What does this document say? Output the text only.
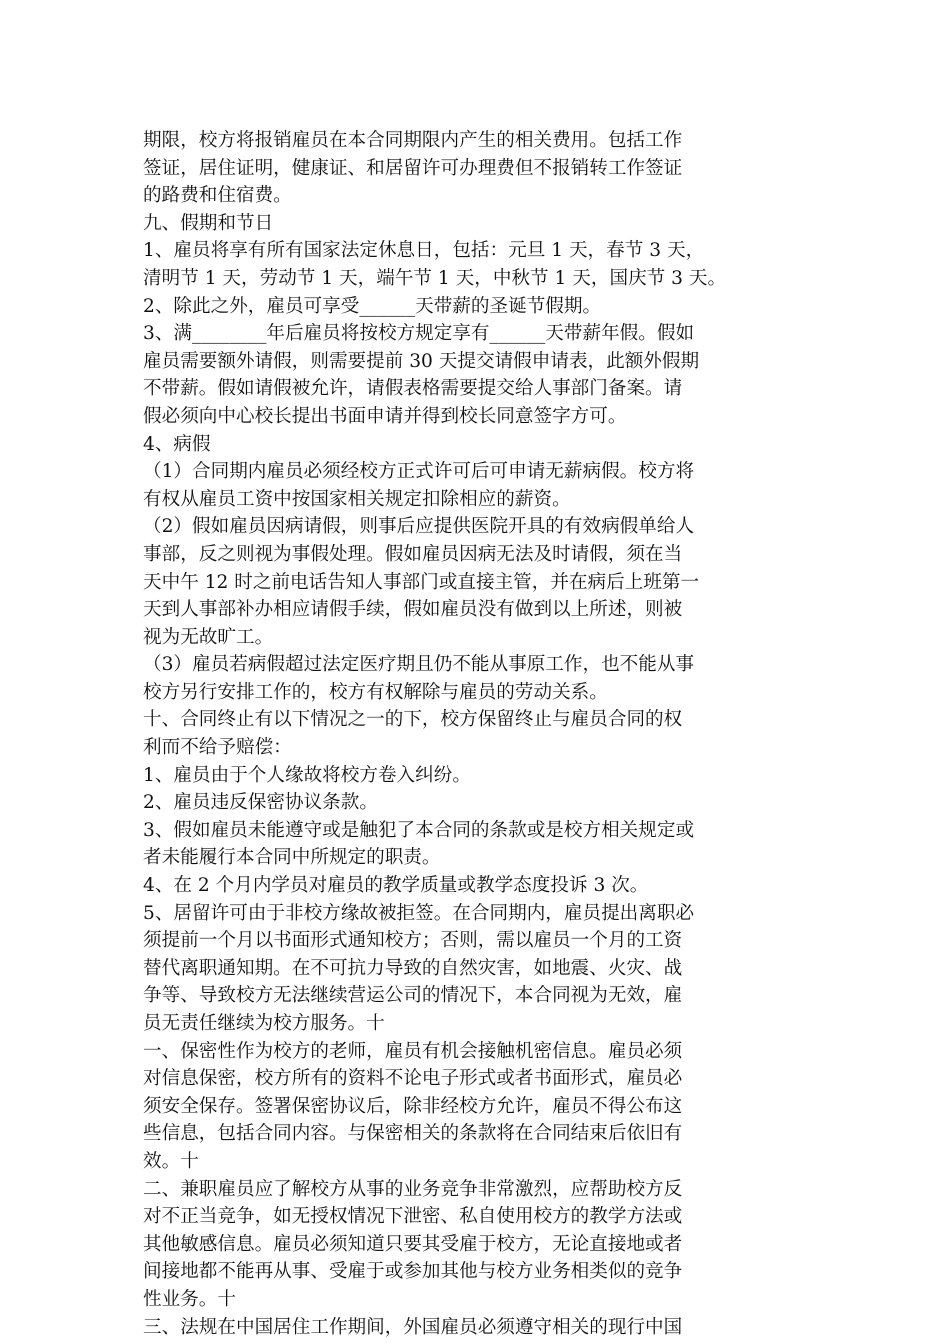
期限，校方将报销雇员在本合同期限内产生的相关费用。包括工作
签证，居住证明，健康证、和居留许可办理费但不报销转工作签证
的路费和住宿费。
九、假期和节日
1、雇员将享有所有国家法定休息日，包括：元旦 1 天，春节 3 天，
清明节 1 天，劳动节 1 天，端午节 1 天，中秋节 1 天，国庆节 3 天。
2、除此之外，雇员可享受______天带薪的圣诞节假期。
3、满________年后雇员将按校方规定享有______天带薪年假。假如
雇员需要额外请假，则需要提前 30 天提交请假申请表，此额外假期
不带薪。假如请假被允许，请假表格需要提交给人事部门备案。请
假必须向中心校长提出书面申请并得到校长同意签字方可。
4、病假
（1）合同期内雇员必须经校方正式许可后可申请无薪病假。校方将
有权从雇员工资中按国家相关规定扣除相应的薪资。
（2）假如雇员因病请假，则事后应提供医院开具的有效病假单给人
事部，反之则视为事假处理。假如雇员因病无法及时请假，须在当
天中午 12 时之前电话告知人事部门或直接主管，并在病后上班第一
天到人事部补办相应请假手续，假如雇员没有做到以上所述，则被
视为无故旷工。
（3）雇员若病假超过法定医疗期且仍不能从事原工作，也不能从事
校方另行安排工作的，校方有权解除与雇员的劳动关系。
十、合同终止有以下情况之一的下，校方保留终止与雇员合同的权
利而不给予赔偿：
1、雇员由于个人缘故将校方卷入纠纷。
2、雇员违反保密协议条款。
3、假如雇员未能遵守或是触犯了本合同的条款或是校方相关规定或
者未能履行本合同中所规定的职责。
4、在 2 个月内学员对雇员的教学质量或教学态度投诉 3 次。
5、居留许可由于非校方缘故被拒签。在合同期内，雇员提出离职必
须提前一个月以书面形式通知校方；否则，需以雇员一个月的工资
替代离职通知期。在不可抗力导致的自然灾害，如地震、火灾、战
争等、导致校方无法继续营运公司的情况下，本合同视为无效，雇
员无责任继续为校方服务。十
一、保密性作为校方的老师，雇员有机会接触机密信息。雇员必须
对信息保密，校方所有的资料不论电子形式或者书面形式，雇员必
须安全保存。签署保密协议后，除非经校方允许，雇员不得公布这
些信息，包括合同内容。与保密相关的条款将在合同结束后依旧有
效。十
二、兼职雇员应了解校方从事的业务竞争非常激烈，应帮助校方反
对不正当竞争，如无授权情况下泄密、私自使用校方的教学方法或
其他敏感信息。雇员必须知道只要其受雇于校方，无论直接地或者
间接地都不能再从事、受雇于或参加其他与校方业务相类似的竞争
性业务。十
三、法规在中国居住工作期间，外国雇员必须遵守相关的现行中国
